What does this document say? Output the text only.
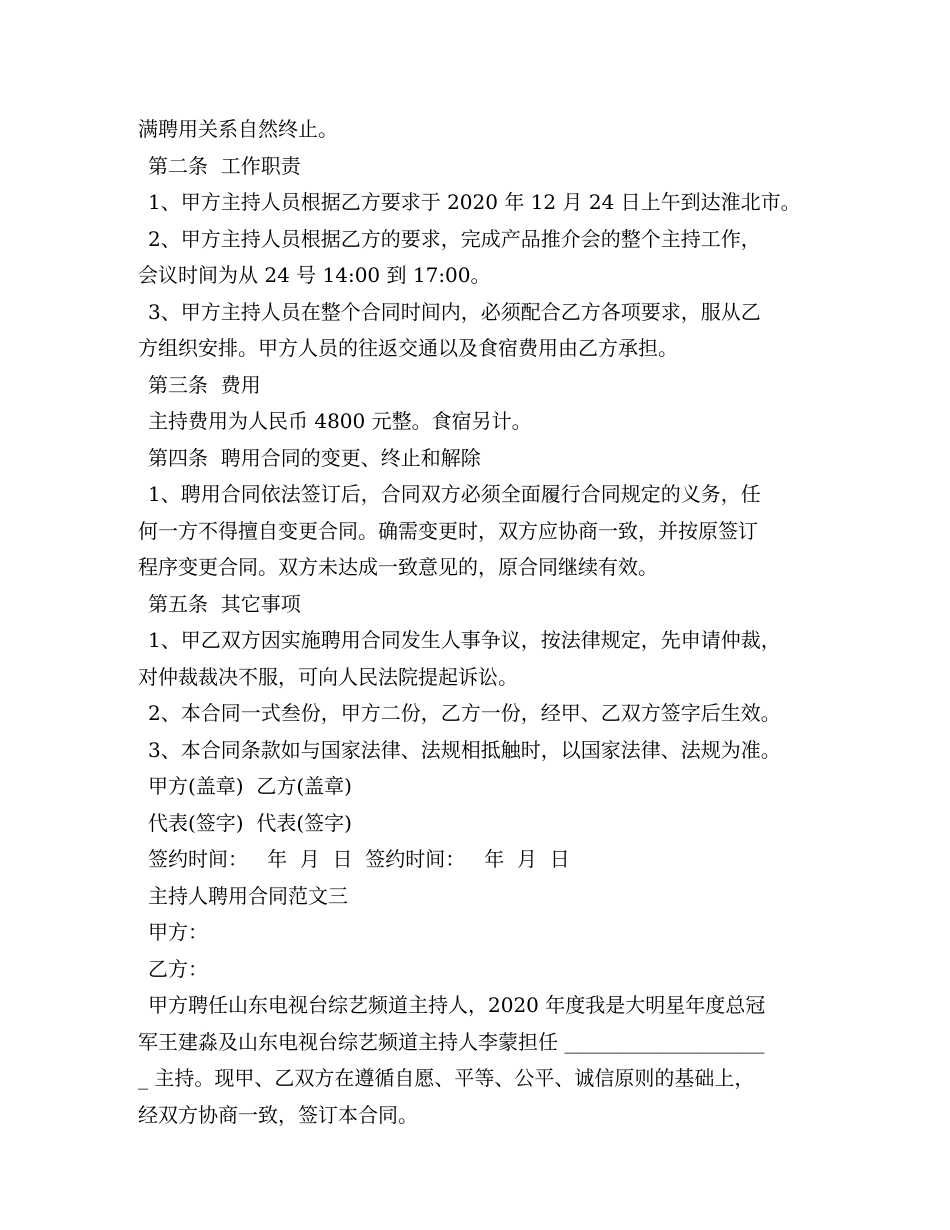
满聘用关系自然终止。
第二条  工作职责
1、甲方主持人员根据乙方要求于 2020 年 12 月 24 日上午到达淮北市。
2、甲方主持人员根据乙方的要求，完成产品推介会的整个主持工作，
会议时间为从 24 号 14:00 到 17:00。
3、甲方主持人员在整个合同时间内，必须配合乙方各项要求，服从乙
方组织安排。甲方人员的往返交通以及食宿费用由乙方承担。
第三条  费用
主持费用为人民币 4800 元整。食宿另计。
第四条  聘用合同的变更、终止和解除
1、聘用合同依法签订后，合同双方必须全面履行合同规定的义务，任
何一方不得擅自变更合同。确需变更时，双方应协商一致，并按原签订
程序变更合同。双方未达成一致意见的，原合同继续有效。
第五条  其它事项
1、甲乙双方因实施聘用合同发生人事争议，按法律规定，先申请仲裁，
对仲裁裁决不服，可向人民法院提起诉讼。
2、本合同一式叁份，甲方二份，乙方一份，经甲、乙双方签字后生效。
3、本合同条款如与国家法律、法规相抵触时，以国家法律、法规为准。
甲方(盖章)  乙方(盖章)
代表(签字)  代表(签字)
签约时间：   年  月  日  签约时间：   年  月  日
主持人聘用合同范文三
甲方：
乙方：
甲方聘任山东电视台综艺频道主持人，2020 年度我是大明星年度总冠
军王建淼及山东电视台综艺频道主持人李蒙担任 ____________________
_ 主持。现甲、乙双方在遵循自愿、平等、公平、诚信原则的基础上，
经双方协商一致，签订本合同。
